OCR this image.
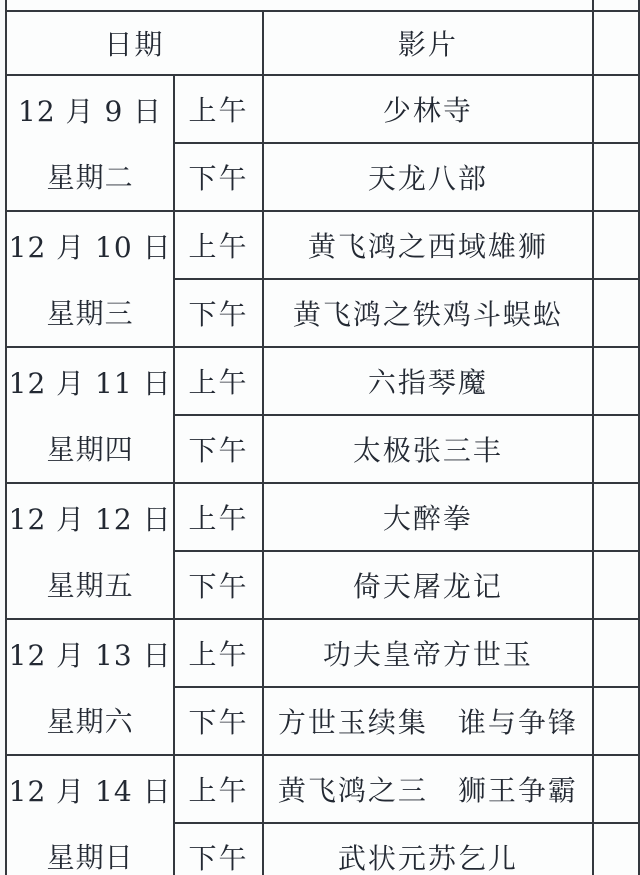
日期		影片	

12 月 9 日
星期二	上午	少林寺	
	下午	天龙八部	

12 月 10 日
星期三	上午	黄飞鸿之西域雄狮	
	下午	黄飞鸿之铁鸡斗蜈蚣	

12 月 11 日
星期四	上午	六指琴魔	
	下午	太极张三丰	

12 月 12 日
星期五	上午	大醉拳	
	下午	倚天屠龙记	

12 月 13 日
星期六	上午	功夫皇帝方世玉	
	下午	方世玉续集　谁与争锋	

12 月 14 日
星期日	上午	黄飞鸿之三　狮王争霸	
	下午	武状元苏乞儿	
